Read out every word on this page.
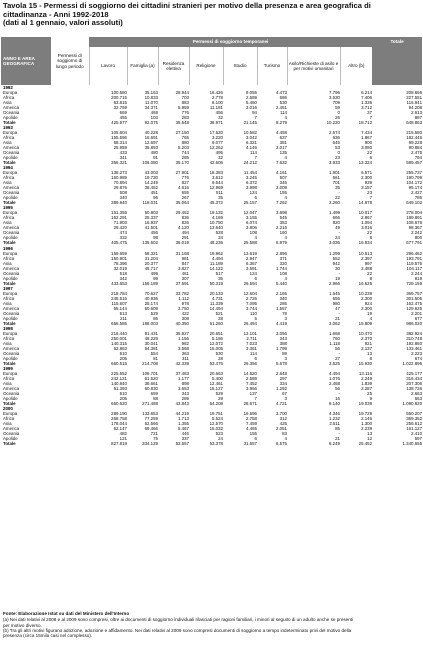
Tavola 15 - Permessi di soggiorno dei cittadini stranieri per motivo della presenza e area geografica di
cittadinanza - Anni 1992-2018
(dati al 1 gennaio, valori assoluti)
ANNO E AREA GEOGRAFICA	Permessi di soggiorno di lungo periodo	Permessi di soggiorno temporanei								Totale
		Lavoro	Famiglia (a)	Residenza elettiva	Religione	Studio	Turismo	Asilo/Richieste di asilo e per motivi umanitari	Altro (b)	
1992										
Europa		100.580	35.163	28.944	16.426	8.055	4.473	7.796	6.214	208.656
Africa		200.715	10.833	703	2.778	2.689	686	3.630	7.406	227.551
Asia		63.815	11.070	883	8.100	5.460	530	709	1.336	116.941
America		32.759	34.371	5.959	11.181	3.016	2.451	59	3.712	94.208
Oceania		669	469	776	456	94	114	0	37	2.613
Apolide		455	103	283	32	7	4	26	7	887
Totale		425.977	92.075	35.548	38.971	21.145	8.279	10.220	18.712	648.863
1993										
Europa		105.604	40.228	27.150	17.520	10.582	4.458	2.574	7.434	215.580
Africa		155.596	16.691	765	3.220	3.042	637	636	1.867	182.446
Asia		68.314	12.697	880	9.077	6.321	381	645	900	99.228
America		25.959	35.893	5.203	12.262	4.146	2.017	53	3.080	90.884
Oceania		433	480	744	495	114	135	0	22	2.475
Apolide		341	91	285	32	7	4	23	6	794
Totale		356.321	106.080	35.170	42.606	24.212	7.632	3.933	13.324	589.457
1994										
Europa		138.273	43.003	27.901	18.383	11.454	4.161	1.901	6.571	255.737
Africa		160.989	19.730	776	3.612	3.245	507	561	2.300	190.799
Asia		70.894	14.249	827	9.644	6.372	346	701	939	104.172
America		29.876	38.452	4.616	12.969	3.998	2.009	35	3.157	95.174
Oceania		508	451	655	511	124	155	-	23	2.427
Apolide		340	96	267	35	6	4	22	7	785
Totale		389.940	118.031	35.064	45.372	25.157	7.262	3.260	14.978	649.102
1995										
Europa		151.355	50.803	29.452	19.132	12.047	3.698	1.499	10.017	278.004
Africa		152.291	25.337	836	4.169	3.155	545	666	2.867	189.891
Asia		71.903	16.937	826	10.750	6.074	353	820	1.094	108.676
America		29.420	41.501	4.120	13.640	3.806	2.216	49	3.016	98.367
Oceania		474	456	494	528	108	160	-	22	2.242
Apolide		332	98	291	34	4	4	24	8	800
Totale		405.475	135.502	36.019	48.236	25.588	6.979	3.036	16.934	677.791
1996										
Europa		159.659	58.321	31.168	19.962	13.619	2.896	1.299	10.513	296.462
Africa		150.901	31.204	981	4.494	2.947	371	652	2.397	193.791
Asia		78.396	20.377	847	11.189	6.367	320	942	997	119.575
America		32.019	45.717	3.827	14.122	3.591	1.744	30	2.488	104.117
Oceania		518	499	461	517	124	108	-	22	2.244
Apolide		342	99	307	35	6	4	19	8	819
Totale		433.653	156.189	37.591	50.319	26.594	5.440	2.966	16.625	729.159
1997										
Europa		218.784	70.627	33.782	20.133	12.604	2.165	1.545	10.239	369.757
Africa		248.516	40.936	1.112	4.731	2.726	340	656	2.300	301.505
Asia		115.607	25.174	978	11.339	7.095	286	980	924	162.475
America		55.144	50.609	3.750	14.494	3.744	1.557	47	2.300	129.625
Oceania		513	529	422	521	110	78	-	19	2.201
Apolide		211	86	308	28	5	3	21	4	677
Totale		656.585	188.003	40.350	51.260	26.494	4.419	3.062	15.809	986.020
1998										
Europa		216.440	81.431	35.927	20.651	13.101	3.056	1.668	10.470	382.924
Africa		250.001	48.229	1.156	5.186	2.711	343	760	2.370	310.748
Asia		140.315	30.041	982	12.072	7.023	388	1.118	921	192.860
America		52.863	54.381	3.568	15.005	3.361	1.799	56	2.137	133.461
Oceania		510	554	363	530	114	89	-	13	2.223
Apolide		205	81	311	28	6	3	27	8	674
Totale		660.515	214.708	42.339	53.475	26.356	5.678	3.625	15.930	1.022.896
1999										
Europa		225.552	106.701	37.483	20.663	14.520	2.648	4.494	13.116	425.177
Africa		242.121	61.520	1.177	5.400	2.589	297	1.076	2.249	316.434
Asia		140.840	38.661	898	12.461	7.452	334	2.468	1.839	207.306
America		51.393	60.830	3.653	15.127	3.966	1.292	56	2.287	138.726
Oceania		510	659	343	529	137	67	-	25	2.663
Apolide		205	88	289	29	7	3	16	9	663
Totale		660.620	271.488	43.843	54.208	28.671	4.721	8.140	19.039	1.090.820
2000										
Europa		289.190	133.653	44.219	19.751	16.696	3.700	4.346	19.729	550.207
Africa		268.758	77.259	1.713	5.524	2.758	312	1.232	2.146	369.352
Asia		178.044	52.566	1.355	12.570	7.459	425	2.511	1.300	256.612
America		62.147	69.466	5.467	15.032	4.465	2.051	85	2.239	161.127
Oceania		482	721	446	523	155	83	-	13	2.410
Apolide		121	75	337	24	6	4	21	12	597
Totale		827.819	334.129	53.557	53.378	31.557	6.575	8.249	25.452	1.340.655
Fonte: Elaborazione Istat su dati del Ministero dell'Interno
(a) Nei dati relativi al 2008 e al 2009 sono compresi, oltre ai documenti di soggiorno individuali rilasciati per ragioni familiari, i minori al seguito di un adulto anche se presenti
per motivo diverso.
(b) Tra gli altri motivi figurano adozione, adozione e affidamento. Nei dati relativi al 2009 sono compresi documenti di soggiorno a tempo indeterminato privi del motivo della
presenza (circa 15mila casi nel complesso).
